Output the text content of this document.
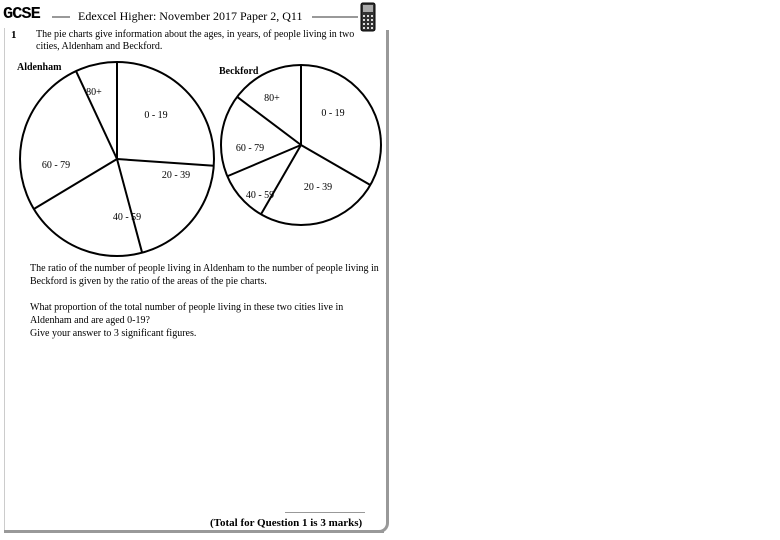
GCSE	Edexcel Higher: November 2017 Paper 2, Q11
1 The pie charts give information about the ages, in years, of people living in two cities, Aldenham and Beckford.
Aldenham	Beckford
0 - 19
20 - 39
40 - 59
60 - 79
80+
0 - 19
20 - 39
40 - 59
60 - 79
80+
The ratio of the number of people living in Aldenham to the number of people living in Beckford is given by the ratio of the areas of the pie charts.

What proportion of the total number of people living in these two cities live in Aldenham and are aged 0-19?

Give your answer to 3 significant figures.

(Total for Question 1 is 3 marks)
